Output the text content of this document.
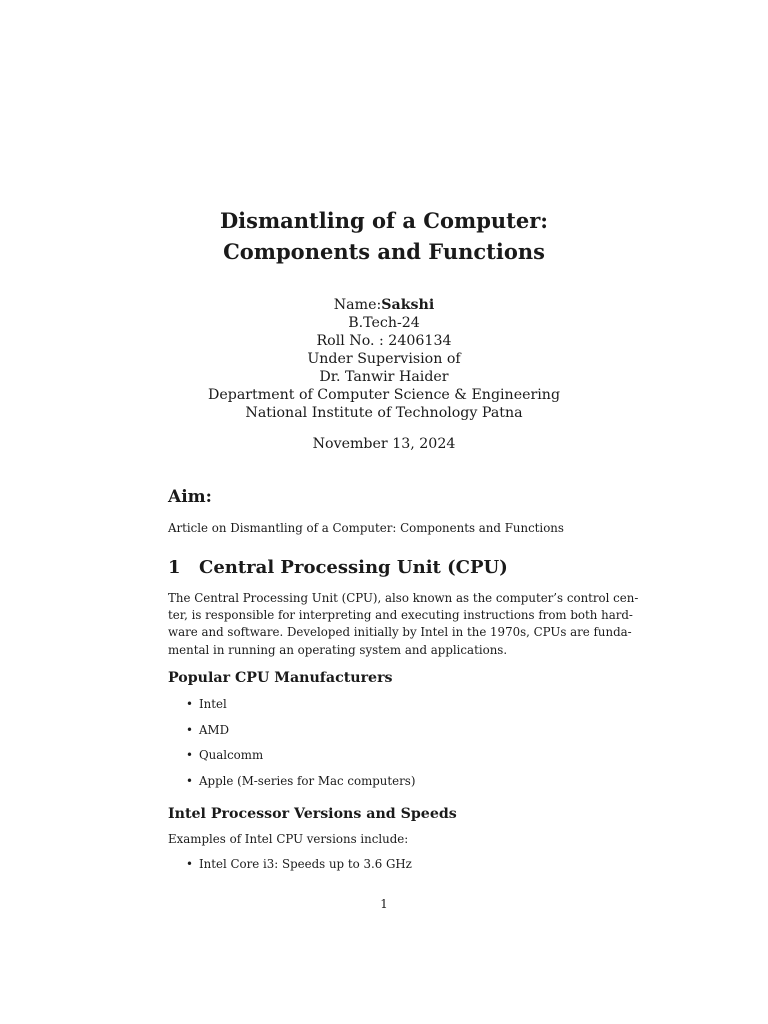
Dismantling of a Computer:
Components and Functions
Name:Sakshi
B.Tech-24
Roll No. : 2406134
Under Supervision of
Dr. Tanwir Haider
Department of Computer Science & Engineering
National Institute of Technology Patna
November 13, 2024
Aim:
Article on Dismantling of a Computer: Components and Functions
1 Central Processing Unit (CPU)
The Central Processing Unit (CPU), also known as the computer’s control cen-
ter, is responsible for interpreting and executing instructions from both hard-
ware and software. Developed initially by Intel in the 1970s, CPUs are funda-
mental in running an operating system and applications.
Popular CPU Manufacturers
• Intel
• AMD
• Qualcomm
• Apple (M-series for Mac computers)
Intel Processor Versions and Speeds
Examples of Intel CPU versions include:
• Intel Core i3: Speeds up to 3.6 GHz
1
